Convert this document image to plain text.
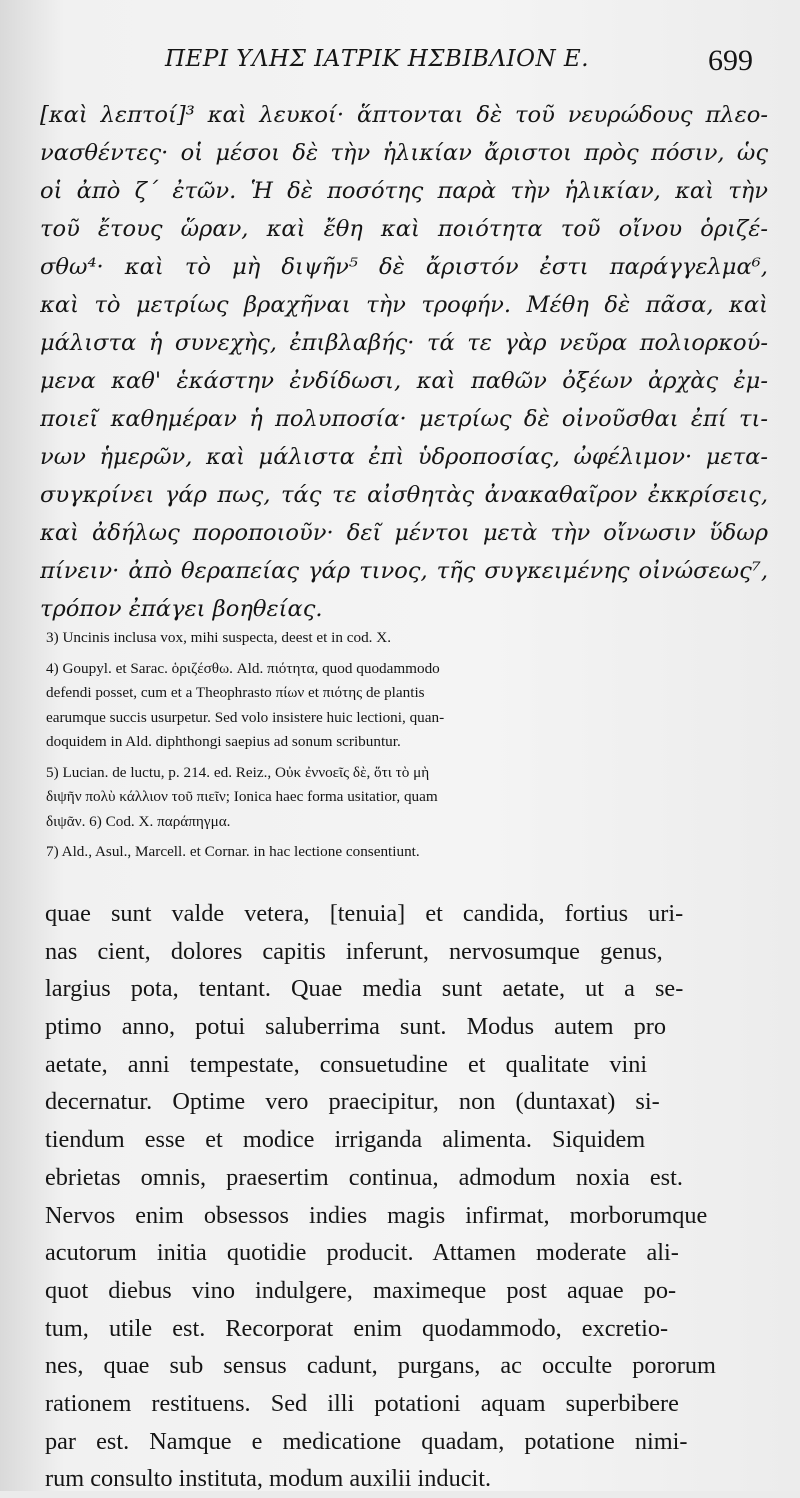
ΠΕΡΙ ΥΛΗΣ ΙΑΤΡΙΚ ΗΣΒΙΒΛΙΟΝ Ε.	699
[καὶ λεπτοί]³ καὶ λευκοί· ἅπτονται δὲ τοῦ νευρώδους πλεο-
νασθέντες· οἱ μέσοι δὲ τὴν ἡλικίαν ἄριστοι πρὸς πόσιν, ὡς
οἱ ἀπὸ ζ΄ ἐτῶν. Ἡ δὲ ποσότης παρὰ τὴν ἡλικίαν, καὶ τὴν
τοῦ ἔτους ὥραν, καὶ ἔθη καὶ ποιότητα τοῦ οἴνου ὁριζέ-
σθω⁴· καὶ τὸ μὴ διψῆν⁵ δὲ ἄριστόν ἐστι παράγγελμα⁶,
καὶ τὸ μετρίως βραχῆναι τὴν τροφήν. Μέθη δὲ πᾶσα, καὶ
μάλιστα ἡ συνεχὴς, ἐπιβλαβής· τά τε γὰρ νεῦρα πολιορκού-
μενα καθ' ἑκάστην ἐνδίδωσι, καὶ παθῶν ὀξέων ἀρχὰς ἐμ-
ποιεῖ καθημέραν ἡ πολυποσία· μετρίως δὲ οἰνοῦσθαι ἐπί τι-
νων ἡμερῶν, καὶ μάλιστα ἐπὶ ὑδροποσίας, ὠφέλιμον· μετα-
συγκρίνει γάρ πως, τάς τε αἰσθητὰς ἀνακαθαῖρον ἐκκρίσεις,
καὶ ἀδήλως ποροποιοῦν· δεῖ μέντοι μετὰ τὴν οἴνωσιν ὕδωρ
πίνειν· ἀπὸ θεραπείας γάρ τινος, τῆς συγκειμένης οἰνώσεως⁷,
τρόπον ἐπάγει βοηθείας.
3) Uncinis inclusa vox, mihi suspecta, deest et in cod. X.
4) Goupyl. et Sarac. ὁριζέσθω. Ald. πιότητα, quod quodammodo
defendi posset, cum et a Theophrasto πίων et πιότης de plantis
earumque succis usurpetur. Sed volo insistere huic lectioni, quan-
doquidem in Ald. diphthongi saepius ad sonum scribuntur.
5) Lucian. de luctu, p. 214. ed. Reiz., Οὐκ ἐννοεῖς δὲ, ὅτι τὸ μὴ
διψῆν πολὺ κάλλιον τοῦ πιεῖν; Ionica haec forma usitatior, quam
διψᾶν. 6) Cod. X. παράπηγμα.
7) Ald., Asul., Marcell. et Cornar. in hac lectione consentiunt.
quae sunt valde vetera, [tenuia] et candida, fortius uri-
nas cient, dolores capitis inferunt, nervosumque genus,
largius pota, tentant. Quae media sunt aetate, ut a se-
ptimo anno, potui saluberrima sunt. Modus autem pro
aetate, anni tempestate, consuetudine et qualitate vini
decernatur. Optime vero praecipitur, non (duntaxat) si-
tiendum esse et modice irriganda alimenta. Siquidem
ebrietas omnis, praesertim continua, admodum noxia est.
Nervos enim obsessos indies magis infirmat, morborumque
acutorum initia quotidie producit. Attamen moderate ali-
quot diebus vino indulgere, maximeque post aquae po-
tum, utile est. Recorporat enim quodammodo, excretio-
nes, quae sub sensus cadunt, purgans, ac occulte pororum
rationem restituens. Sed illi potationi aquam superbibere
par est. Namque e medicatione quadam, potatione nimi-
rum consulto instituta, modum auxilii inducit.
